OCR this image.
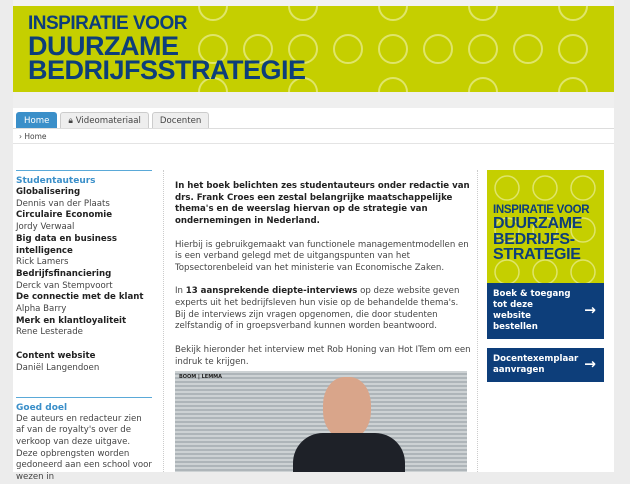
INSPIRATIE VOOR
DUURZAME
BEDRIJFSSTRATEGIE
Home	🔒︎ Videomateriaal	Docenten
› Home
Studentauteurs
Globalisering
Dennis van der Plaats
Circulaire Economie
Jordy Verwaal
Big data en business intelligence
Rick Lamers
Bedrijfsfinanciering
Derck van Stempvoort
De connectie met de klant
Alpha Barry
Merk en klantloyaliteit
Rene Lesterade
Content website
Daniël Langendoen
Goed doel
De auteurs en redacteur zien af van de royalty's over de verkoop van deze uitgave. Deze opbrengsten worden gedoneerd aan een school voor wezen in

In het boek belichten zes studentauteurs onder redactie van drs. Frank Croes een zestal belangrijke maatschappelijke thema's en de weerslag hiervan op de strategie van ondernemingen in Nederland.

Hierbij is gebruikgemaakt van functionele managementmodellen en is een verband gelegd met de uitgangspunten van het Topsectorenbeleid van het ministerie van Economische Zaken.

In 13 aansprekende diepte-interviews op deze website geven experts uit het bedrijfsleven hun visie op de behandelde thema's. Bij de interviews zijn vragen opgenomen, die door studenten zelfstandig of in groepsverband kunnen worden beantwoord.

Bekijk hieronder het interview met Rob Honing van Hot ITem om een indruk te krijgen.

BOOM | LEMMA
INSPIRATIE VOOR
DUURZAME
BEDRIJFS-
STRATEGIE
Boek & toegang tot deze website bestellen
→
Docentexemplaar aanvragen	→
